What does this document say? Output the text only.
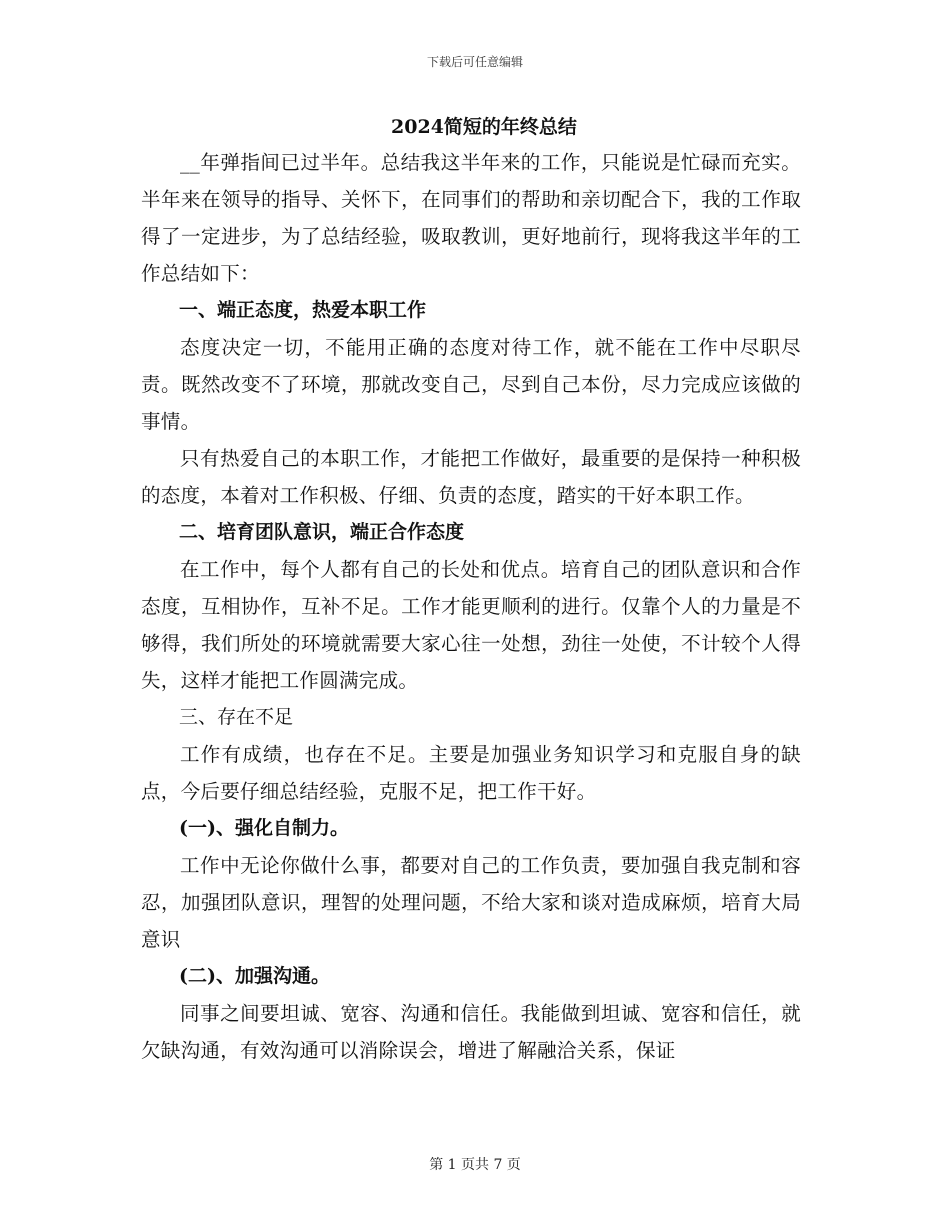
下载后可任意编辑
2024简短的年终总结

__年弹指间已过半年。总结我这半年来的工作，只能说是忙碌而充实。半年来在领导的指导、关怀下，在同事们的帮助和亲切配合下，我的工作取得了一定进步，为了总结经验，吸取教训，更好地前行，现将我这半年的工作总结如下：

一、端正态度，热爱本职工作

态度决定一切，不能用正确的态度对待工作，就不能在工作中尽职尽责。既然改变不了环境，那就改变自己，尽到自己本份，尽力完成应该做的事情。

只有热爱自己的本职工作，才能把工作做好，最重要的是保持一种积极的态度，本着对工作积极、仔细、负责的态度，踏实的干好本职工作。

二、培育团队意识，端正合作态度

在工作中，每个人都有自己的长处和优点。培育自己的团队意识和合作态度，互相协作，互补不足。工作才能更顺利的进行。仅靠个人的力量是不够得，我们所处的环境就需要大家心往一处想，劲往一处使，不计较个人得失，这样才能把工作圆满完成。

三、存在不足

工作有成绩，也存在不足。主要是加强业务知识学习和克服自身的缺点，今后要仔细总结经验，克服不足，把工作干好。

(一)、强化自制力。

工作中无论你做什么事，都要对自己的工作负责，要加强自我克制和容忍，加强团队意识，理智的处理问题，不给大家和谈对造成麻烦，培育大局意识

(二)、加强沟通。

同事之间要坦诚、宽容、沟通和信任。我能做到坦诚、宽容和信任，就欠缺沟通，有效沟通可以消除误会，增进了解融洽关系，保证

第 1 页共 7 页
